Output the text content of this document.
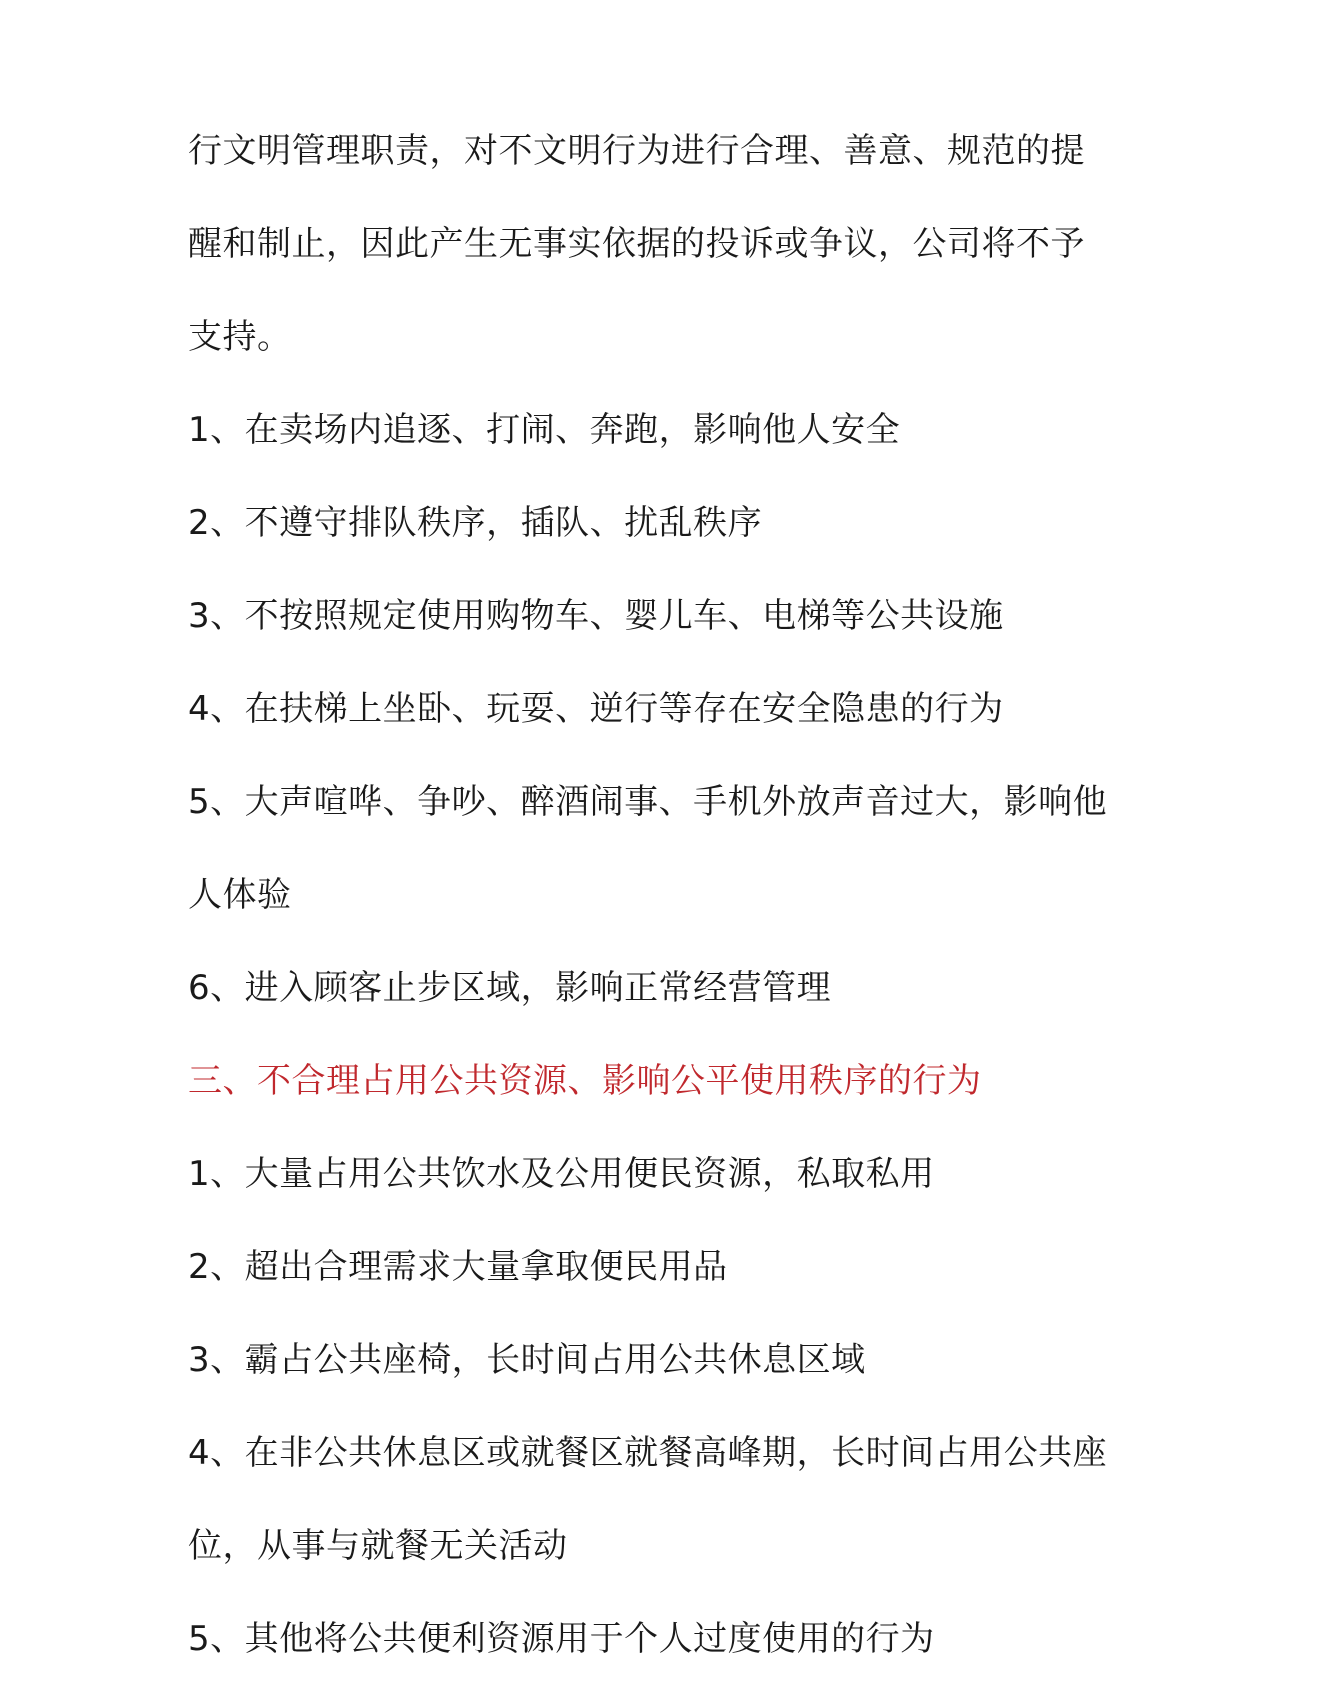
行文明管理职责，对不文明行为进行合理、善意、规范的提
醒和制止，因此产生无事实依据的投诉或争议，公司将不予
支持。
1、在卖场内追逐、打闹、奔跑，影响他人安全
2、不遵守排队秩序，插队、扰乱秩序
3、不按照规定使用购物车、婴儿车、电梯等公共设施
4、在扶梯上坐卧、玩耍、逆行等存在安全隐患的行为
5、大声喧哗、争吵、醉酒闹事、手机外放声音过大，影响他
人体验
6、进入顾客止步区域，影响正常经营管理
三、不合理占用公共资源、影响公平使用秩序的行为
1、大量占用公共饮水及公用便民资源，私取私用
2、超出合理需求大量拿取便民用品
3、霸占公共座椅，长时间占用公共休息区域
4、在非公共休息区或就餐区就餐高峰期，长时间占用公共座
位，从事与就餐无关活动
5、其他将公共便利资源用于个人过度使用的行为
